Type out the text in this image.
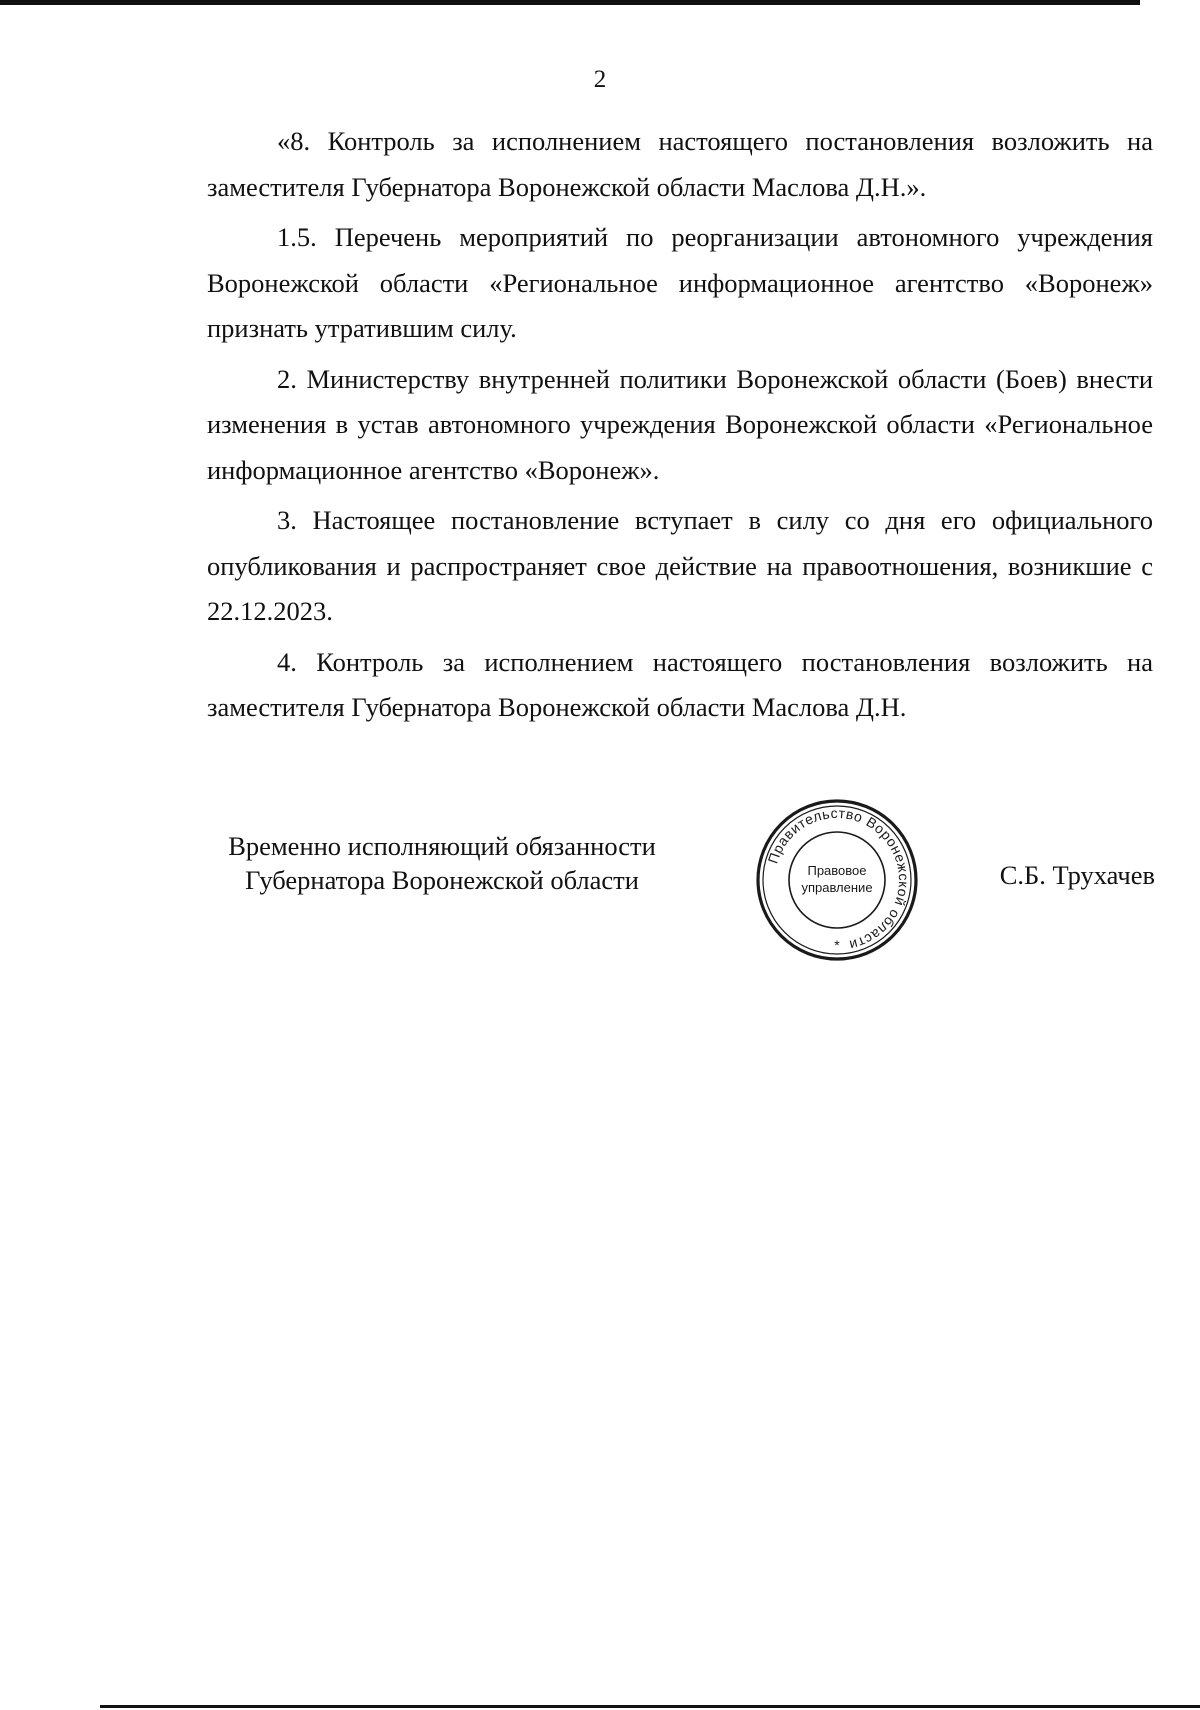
2

«8. Контроль за исполнением настоящего постановления возложить на заместителя Губернатора Воронежской области Маслова Д.Н.».

1.5. Перечень мероприятий по реорганизации автономного учреждения Воронежской области «Региональное информационное агентство «Воронеж» признать утратившим силу.

2. Министерству внутренней политики Воронежской области (Боев) внести изменения в устав автономного учреждения Воронежской области «Региональное информационное агентство «Воронеж».

3. Настоящее постановление вступает в силу со дня его официального опубликования и распространяет свое действие на правоотношения, возникшие с 22.12.2023.

4. Контроль за исполнением настоящего постановления возложить на заместителя Губернатора Воронежской области Маслова Д.Н.

Временно исполняющий обязанности
Губернатора Воронежской области
Правительство Воронежской области
Правовое
управление
*
С.Б. Трухачев
